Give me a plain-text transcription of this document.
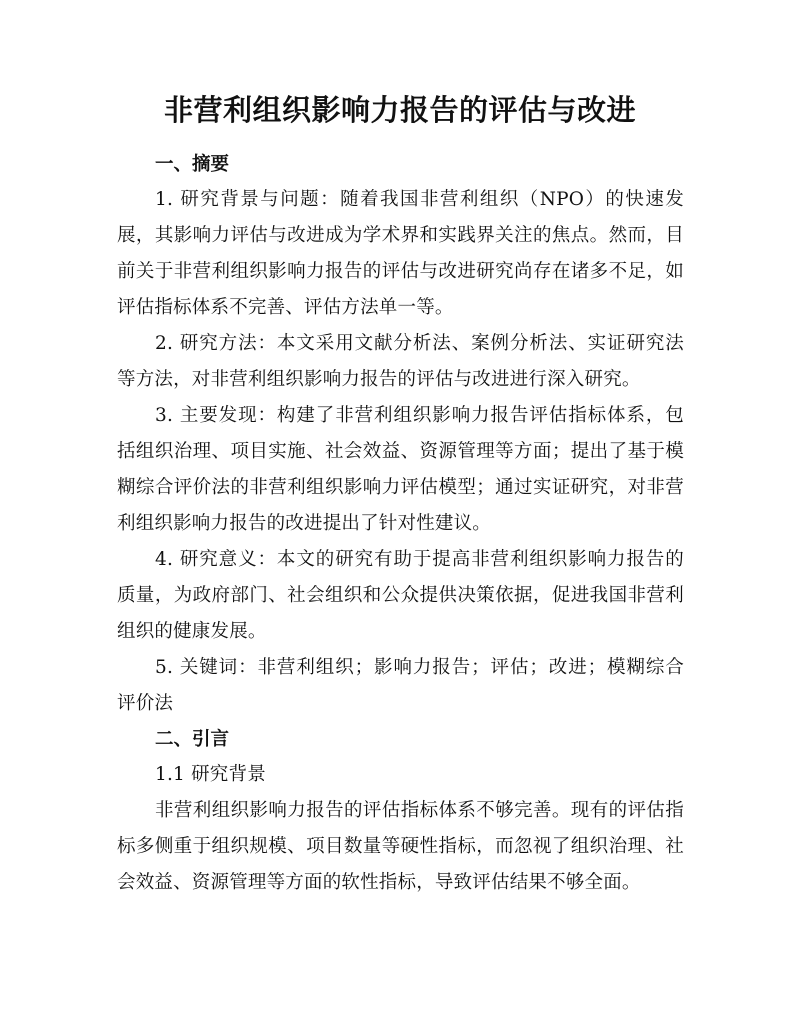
非营利组织影响力报告的评估与改进
一、摘要

1. 研究背景与问题：随着我国非营利组织（NPO）的快速发展，其影响力评估与改进成为学术界和实践界关注的焦点。然而，目前关于非营利组织影响力报告的评估与改进研究尚存在诸多不足，如评估指标体系不完善、评估方法单一等。

2. 研究方法：本文采用文献分析法、案例分析法、实证研究法等方法，对非营利组织影响力报告的评估与改进进行深入研究。

3. 主要发现：构建了非营利组织影响力报告评估指标体系，包括组织治理、项目实施、社会效益、资源管理等方面；提出了基于模糊综合评价法的非营利组织影响力评估模型；通过实证研究，对非营利组织影响力报告的改进提出了针对性建议。

4. 研究意义：本文的研究有助于提高非营利组织影响力报告的质量，为政府部门、社会组织和公众提供决策依据，促进我国非营利组织的健康发展。

5. 关键词：非营利组织；影响力报告；评估；改进；模糊综合评价法

二、引言

1.1 研究背景

非营利组织影响力报告的评估指标体系不够完善。现有的评估指标多侧重于组织规模、项目数量等硬性指标，而忽视了组织治理、社会效益、资源管理等方面的软性指标，导致评估结果不够全面。
